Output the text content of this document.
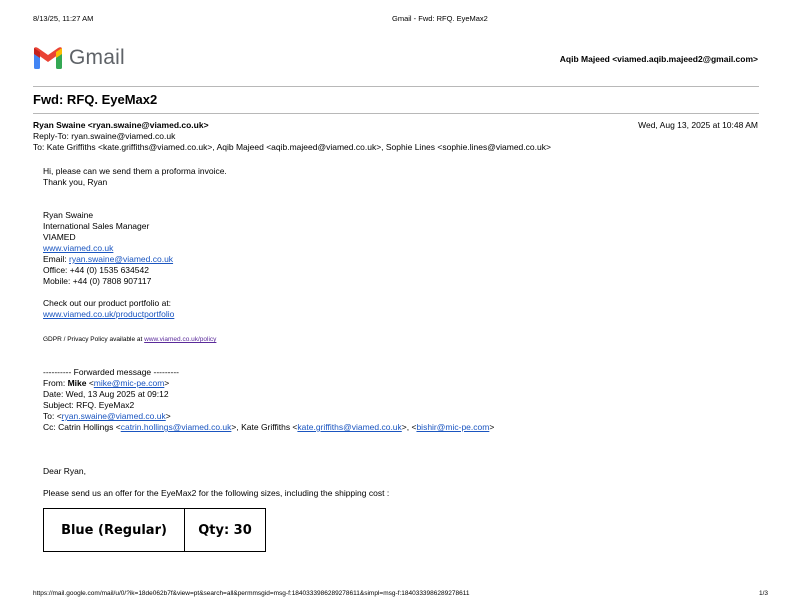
8/13/25, 11:27 AM	Gmail - Fwd: RFQ. EyeMax2
Gmail	Aqib Majeed <viamed.aqib.majeed2@gmail.com>
Fwd: RFQ. EyeMax2
Ryan Swaine <ryan.swaine@viamed.co.uk>
Reply-To: ryan.swaine@viamed.co.uk
To: Kate Griffiths <kate.griffiths@viamed.co.uk>, Aqib Majeed <aqib.majeed@viamed.co.uk>, Sophie Lines <sophie.lines@viamed.co.uk>
Wed, Aug 13, 2025 at 10:48 AM
Hi, please can we send them a proforma invoice.
Thank you, Ryan
Ryan Swaine
International Sales Manager
VIAMED
www.viamed.co.uk
Email: ryan.swaine@viamed.co.uk
Office: +44 (0) 1535 634542
Mobile: +44 (0) 7808 907117
Check out our product portfolio at:
www.viamed.co.uk/productportfolio
GDPR / Privacy Policy available at www.viamed.co.uk/policy
---------- Forwarded message ---------
From: Mike <mike@mic-pe.com>
Date: Wed, 13 Aug 2025 at 09:12
Subject: RFQ. EyeMax2
To: <ryan.swaine@viamed.co.uk>
Cc: Catrin Hollings <catrin.hollings@viamed.co.uk>, Kate Griffiths <kate.griffiths@viamed.co.uk>, <bishir@mic-pe.com>
Dear Ryan,
Please send us an offer for the EyeMax2 for the following sizes, including the shipping cost :
Blue (Regular)	Qty: 30
https://mail.google.com/mail/u/0/?ik=18de062b7f&view=pt&search=all&permmsgid=msg-f:1840333986289278611&simpl=msg-f:1840333986289278611	1/3
